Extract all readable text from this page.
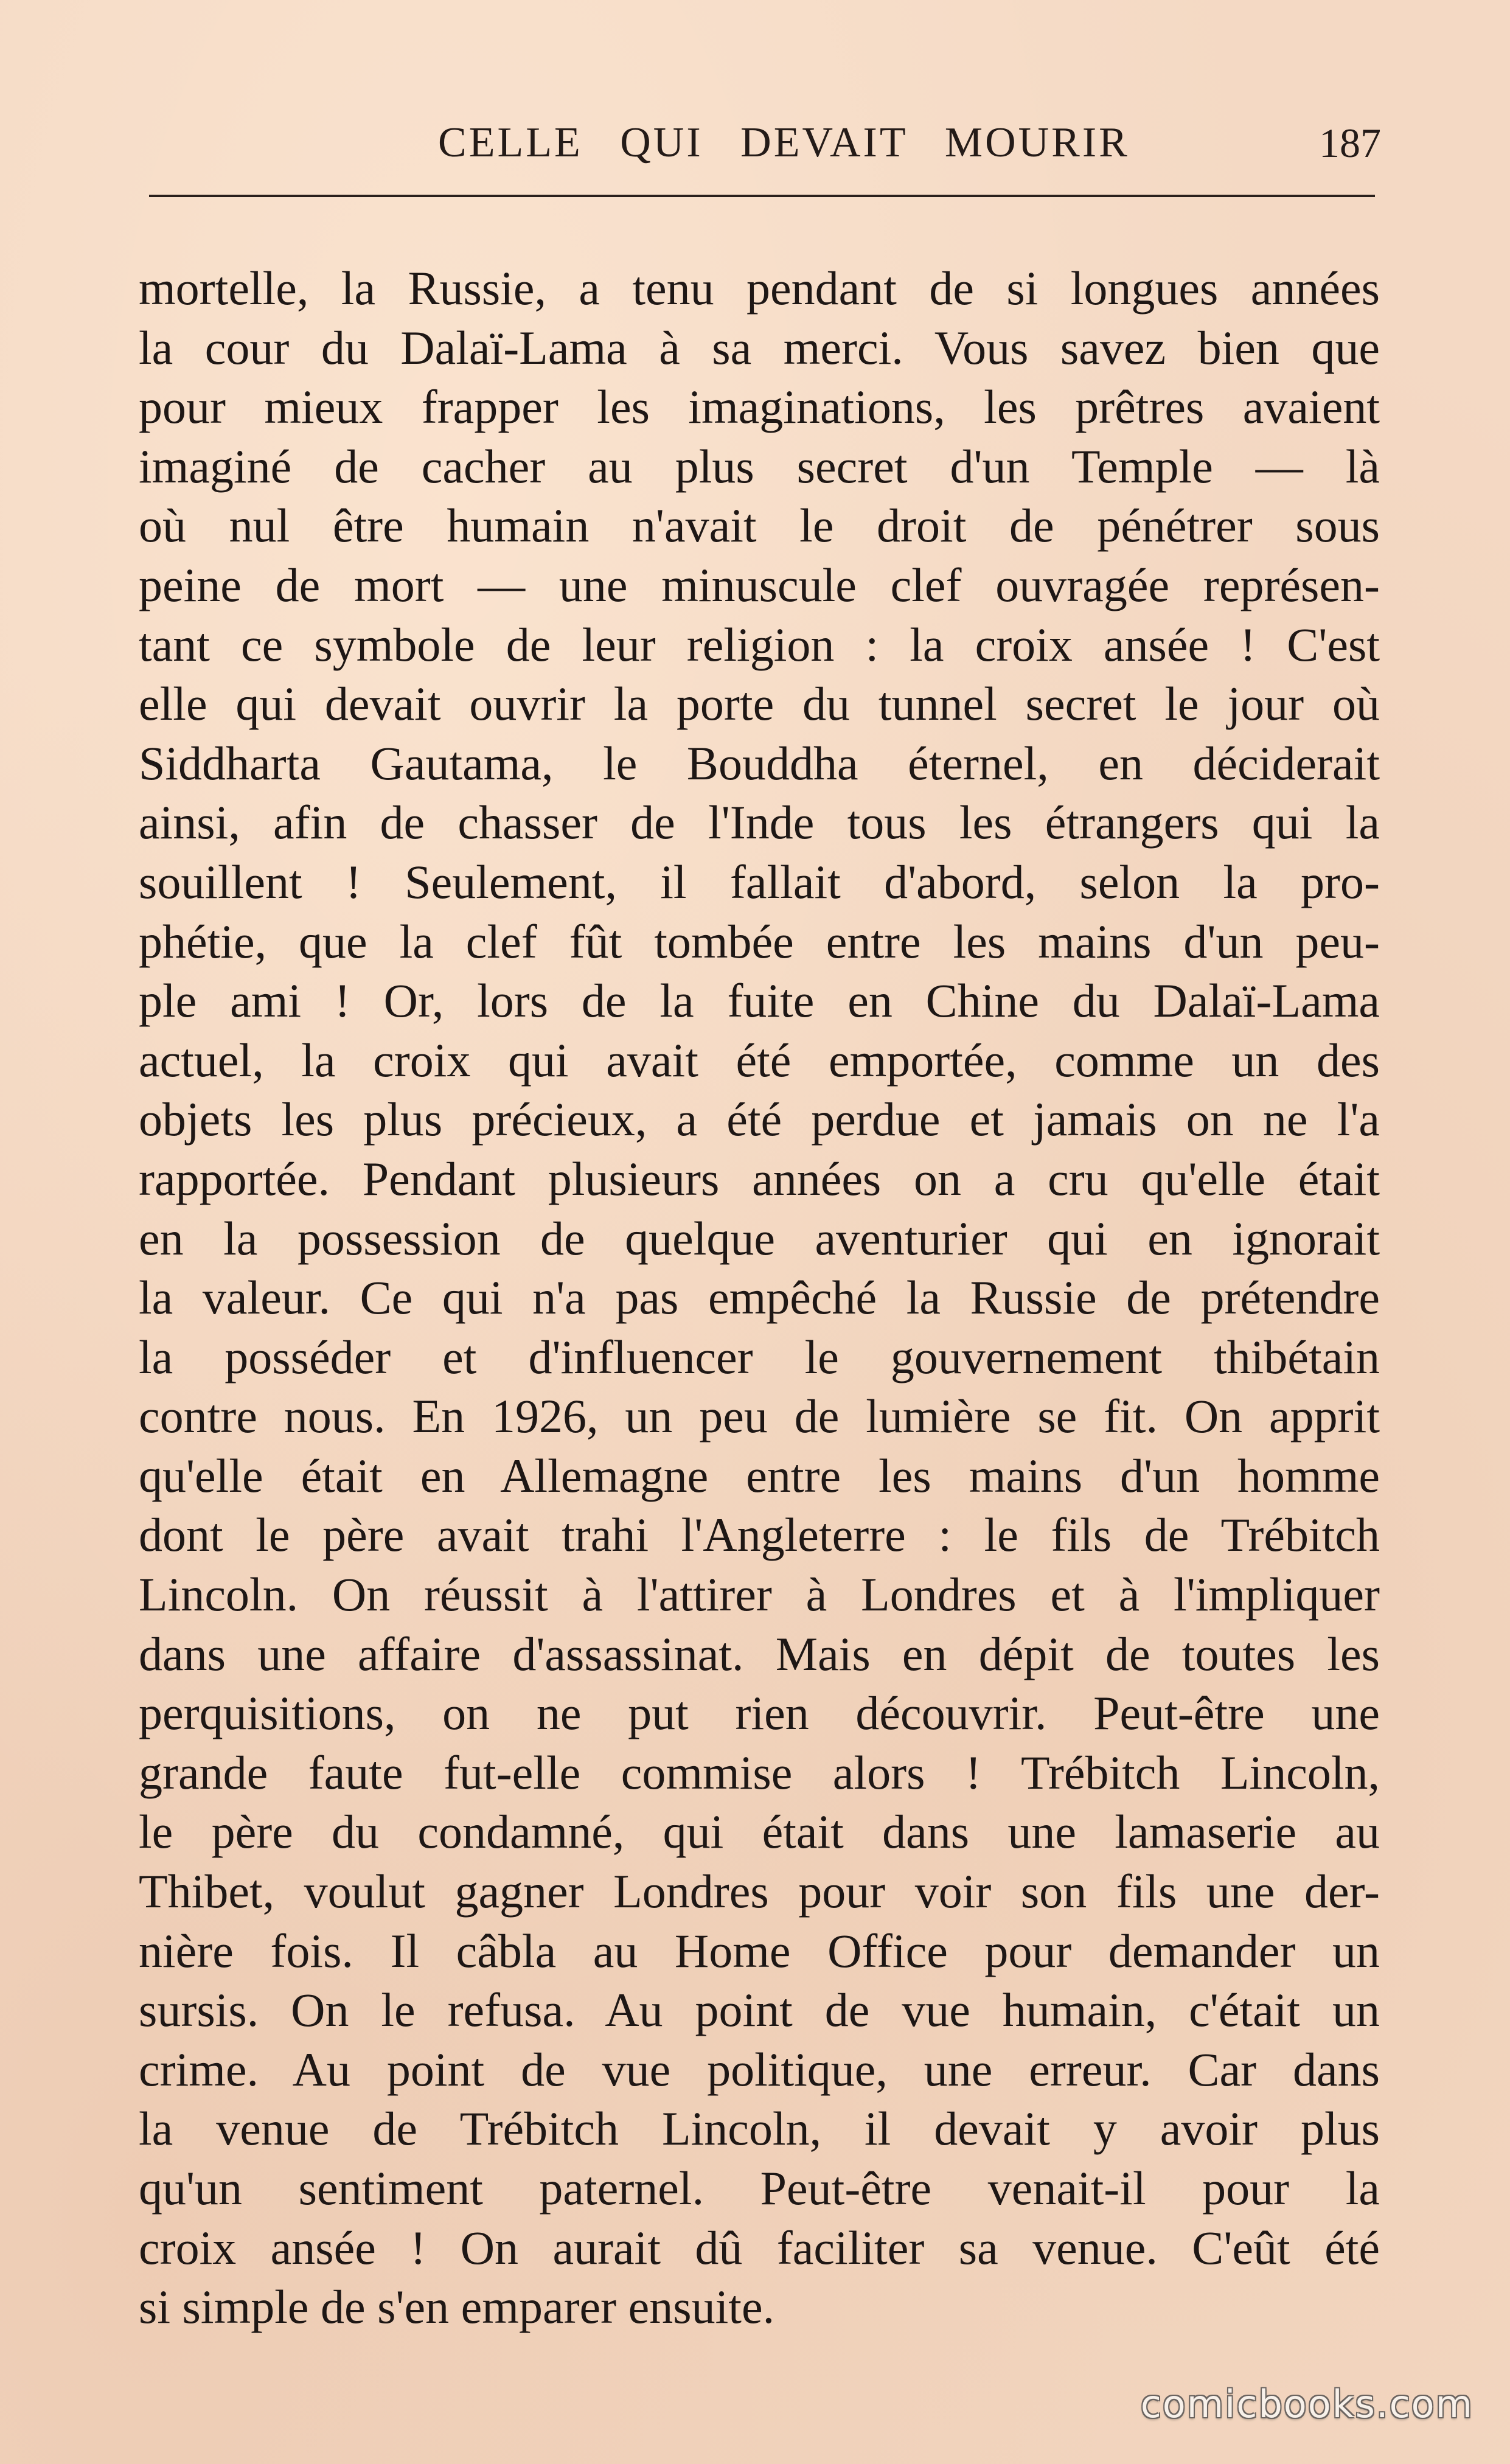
CELLE QUI DEVAIT MOURIR	187
mortelle, la Russie, a tenu pendant de si longues années
la cour du Dalaï-Lama à sa merci. Vous savez bien que
pour mieux frapper les imaginations, les prêtres avaient
imaginé de cacher au plus secret d'un Temple — là
où nul être humain n'avait le droit de pénétrer sous
peine de mort — une minuscule clef ouvragée représen-
tant ce symbole de leur religion : la croix ansée ! C'est
elle qui devait ouvrir la porte du tunnel secret le jour où
Siddharta Gautama, le Bouddha éternel, en déciderait
ainsi, afin de chasser de l'Inde tous les étrangers qui la
souillent ! Seulement, il fallait d'abord, selon la pro-
phétie, que la clef fût tombée entre les mains d'un peu-
ple ami ! Or, lors de la fuite en Chine du Dalaï-Lama
actuel, la croix qui avait été emportée, comme un des
objets les plus précieux, a été perdue et jamais on ne l'a
rapportée. Pendant plusieurs années on a cru qu'elle était
en la possession de quelque aventurier qui en ignorait
la valeur. Ce qui n'a pas empêché la Russie de prétendre
la posséder et d'influencer le gouvernement thibétain
contre nous. En 1926, un peu de lumière se fit. On apprit
qu'elle était en Allemagne entre les mains d'un homme
dont le père avait trahi l'Angleterre : le fils de Trébitch
Lincoln. On réussit à l'attirer à Londres et à l'impliquer
dans une affaire d'assassinat. Mais en dépit de toutes les
perquisitions, on ne put rien découvrir. Peut-être une
grande faute fut-elle commise alors ! Trébitch Lincoln,
le père du condamné, qui était dans une lamaserie au
Thibet, voulut gagner Londres pour voir son fils une der-
nière fois. Il câbla au Home Office pour demander un
sursis. On le refusa. Au point de vue humain, c'était un
crime. Au point de vue politique, une erreur. Car dans
la venue de Trébitch Lincoln, il devait y avoir plus
qu'un sentiment paternel. Peut-être venait-il pour la
croix ansée ! On aurait dû faciliter sa venue. C'eût été
si simple de s'en emparer ensuite.
comicbooks.com
